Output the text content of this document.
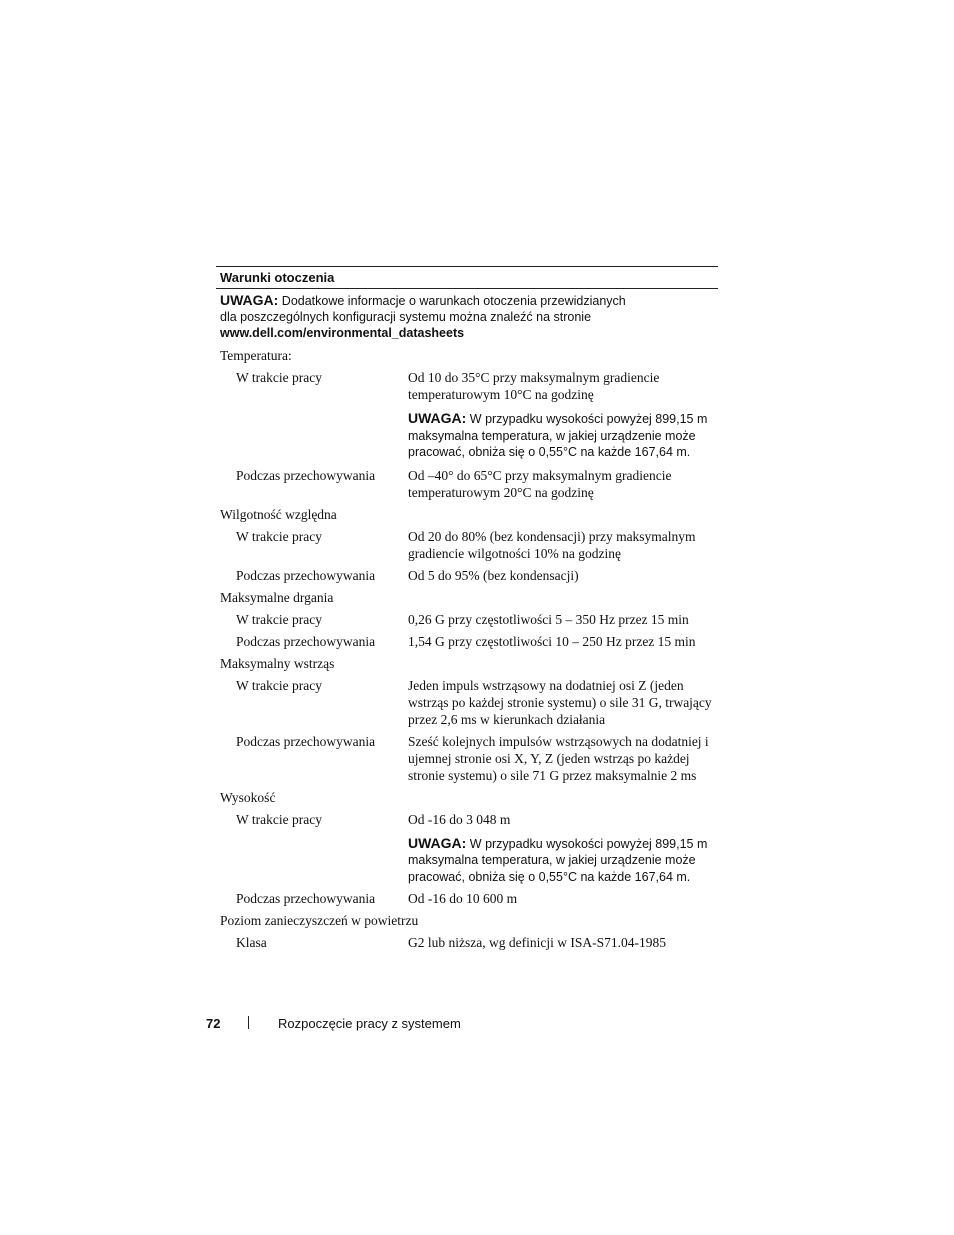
Warunki otoczenia
UWAGA: Dodatkowe informacje o warunkach otoczenia przewidzianych
dla poszczególnych konfiguracji systemu można znaleźć na stronie
www.dell.com/environmental_datasheets
Temperatura:
W trakcie pracy	Od 10 do 35°C przy maksymalnym gradiencie temperaturowym 10°C na godzinę
UWAGA: W przypadku wysokości powyżej 899,15 m maksymalna temperatura, w jakiej urządzenie może pracować, obniża się o 0,55°C na każde 167,64 m.
Podczas przechowywania	Od –40° do 65°C przy maksymalnym gradiencie temperaturowym 20°C na godzinę
Wilgotność względna
W trakcie pracy	Od 20 do 80% (bez kondensacji) przy maksymalnym gradiencie wilgotności 10% na godzinę
Podczas przechowywania	Od 5 do 95% (bez kondensacji)
Maksymalne drgania
W trakcie pracy	0,26 G przy częstotliwości 5 – 350 Hz przez 15 min
Podczas przechowywania	1,54 G przy częstotliwości 10 – 250 Hz przez 15 min
Maksymalny wstrząs
W trakcie pracy	Jeden impuls wstrząsowy na dodatniej osi Z (jeden wstrząs po każdej stronie systemu) o sile 31 G, trwający przez 2,6 ms w kierunkach działania
Podczas przechowywania	Sześć kolejnych impulsów wstrząsowych na dodatniej i ujemnej stronie osi X, Y, Z (jeden wstrząs po każdej stronie systemu) o sile 71 G przez maksymalnie 2 ms
Wysokość
W trakcie pracy	Od -16 do 3 048 m
UWAGA: W przypadku wysokości powyżej 899,15 m maksymalna temperatura, w jakiej urządzenie może pracować, obniża się o 0,55°C na każde 167,64 m.
Podczas przechowywania	Od -16 do 10 600 m
Poziom zanieczyszczeń w powietrzu
Klasa	G2 lub niższa, wg definicji w ISA-S71.04-1985
72	Rozpoczęcie pracy z systemem
